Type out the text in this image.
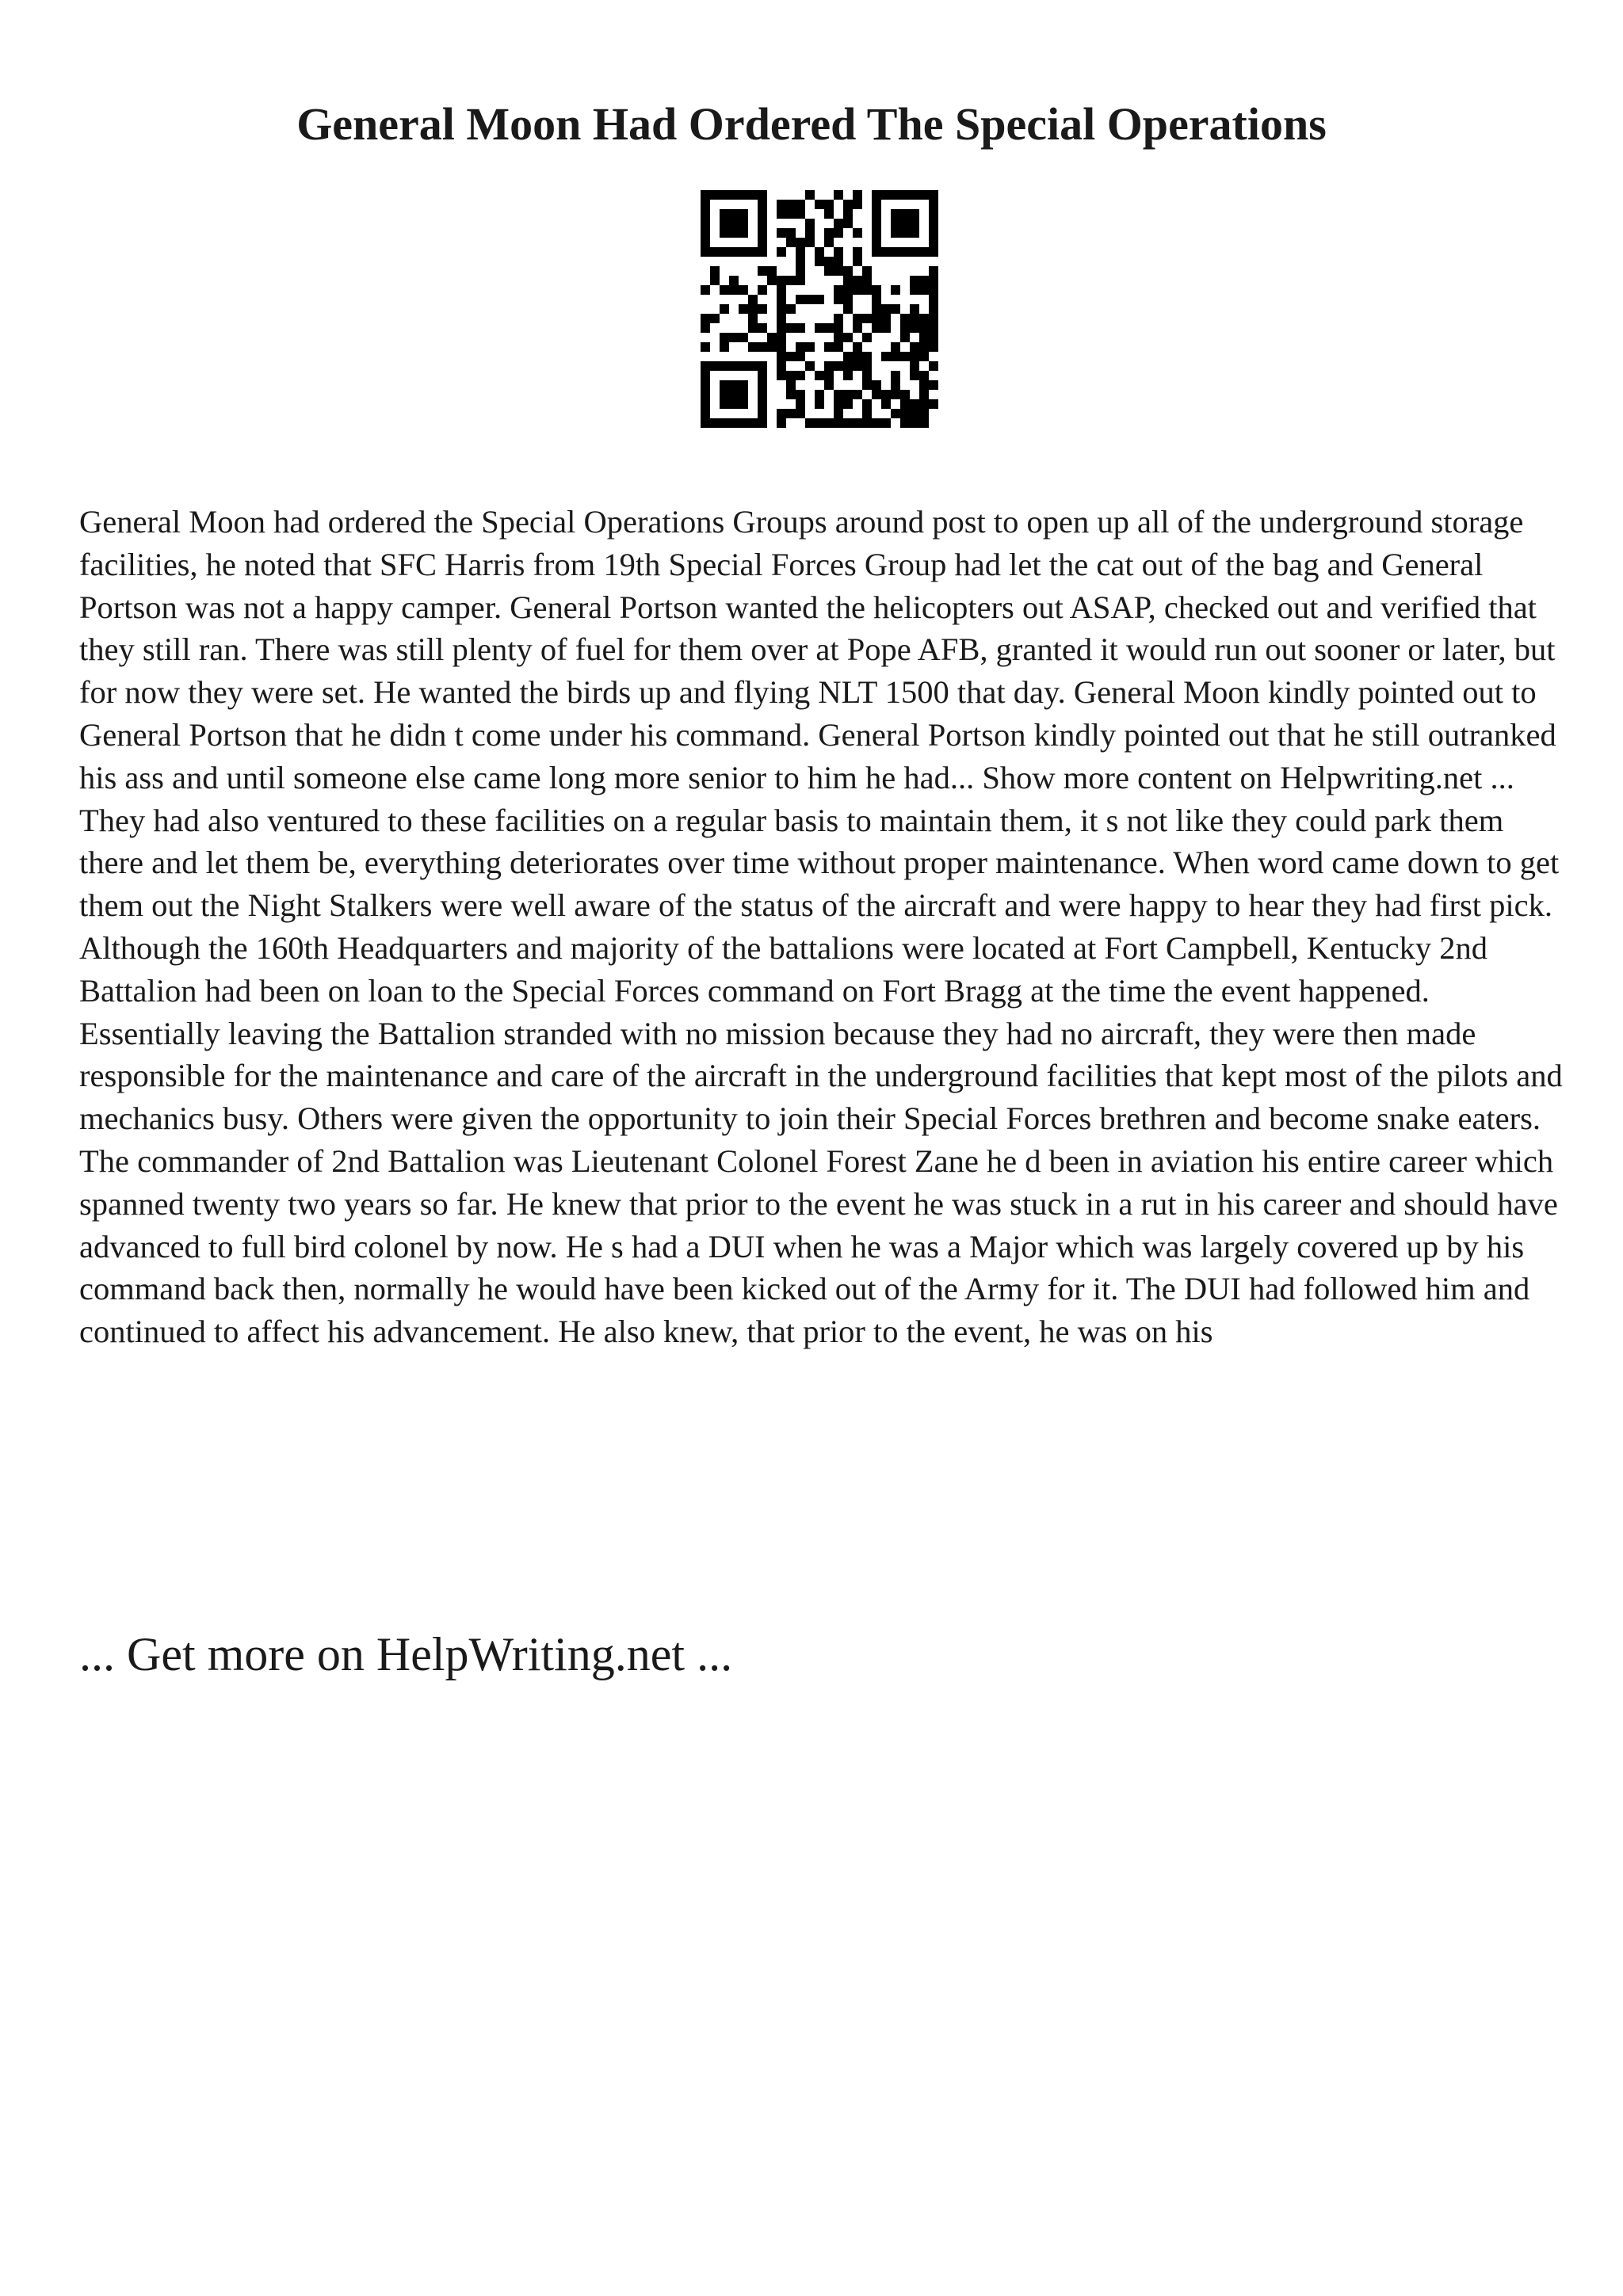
General Moon Had Ordered The Special Operations

General Moon had ordered the Special Operations Groups around post to open up all of the underground storage facilities, he noted that SFC Harris from 19th Special Forces Group had let the cat out of the bag and General Portson was not a happy camper. General Portson wanted the helicopters out ASAP, checked out and verified that they still ran. There was still plenty of fuel for them over at Pope AFB, granted it would run out sooner or later, but for now they were set. He wanted the birds up and flying NLT 1500 that day. General Moon kindly pointed out to General Portson that he didn t come under his command. General Portson kindly pointed out that he still outranked his ass and until someone else came long more senior to him he had... Show more content on Helpwriting.net ...

They had also ventured to these facilities on a regular basis to maintain them, it s not like they could park them there and let them be, everything deteriorates over time without proper maintenance. When word came down to get them out the Night Stalkers were well aware of the status of the aircraft and were happy to hear they had first pick. Although the 160th Headquarters and majority of the battalions were located at Fort Campbell, Kentucky 2nd Battalion had been on loan to the Special Forces command on Fort Bragg at the time the event happened. Essentially leaving the Battalion stranded with no mission because they had no aircraft, they were then made responsible for the maintenance and care of the aircraft in the underground facilities that kept most of the pilots and mechanics busy. Others were given the opportunity to join their Special Forces brethren and become snake eaters. The commander of 2nd Battalion was Lieutenant Colonel Forest Zane he d been in aviation his entire career which spanned twenty two years so far. He knew that prior to the event he was stuck in a rut in his career and should have advanced to full bird colonel by now. He s had a DUI when he was a Major which was largely covered up by his command back then, normally he would have been kicked out of the Army for it. The DUI had followed him and continued to affect his advancement. He also knew, that prior to the event, he was on his

... Get more on HelpWriting.net ...
